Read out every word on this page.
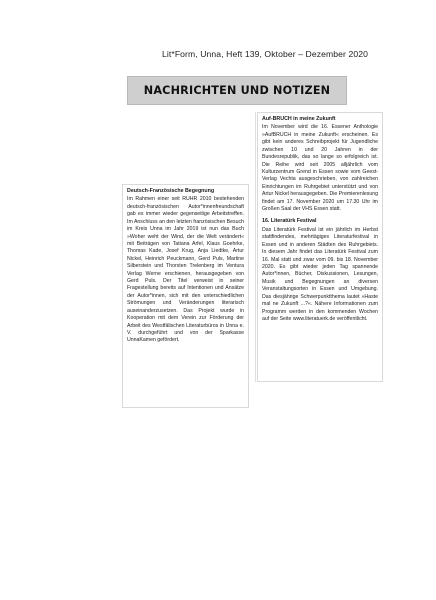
Lit*Form, Unna, Heft 139, Oktober – Dezember 2020
NACHRICHTEN UND NOTIZEN

Deutsch-Französische Begegnung

Im Rahmen einer seit RUHR 2010 bestehenden deutsch-französischen Autor*innenfreundschaft gab es immer wieder gegenseitige Arbeitstreffen. Im Anschluss an den letzten französischen Besuch im Kreis Unna im Jahr 2019 ist nun das Buch »Woher weht der Wind, der die Welt verändert« mit Beiträgen von Tatiana Arfel, Klaus Goehrke, Thomas Kade, Josef Krug, Anja Liedtke, Artur Nickel, Heinrich Peuckmann, Gerd Puls, Martine Silberstein und Thorsten Trelenberg im Ventura Verlag Werne erschienen, herausgegeben von Gerd Puls. Der Titel verweist in seiner Fragestellung bereits auf Intentionen und Ansätze der Autor*innen, sich mit den unterschiedlichen Strömungen und Veränderungen literarisch auseinanderzusetzen. Das Projekt wurde in Kooperation mit dem Verein zur Förderung der Arbeit des Westfälischen Literaturbüros in Unna e. V. durchgeführt und von der Sparkasse UnnaKamen gefördert.

Auf-BRUCH in meine Zukunft

Im November wird die 16. Essener Anthologie »AufBRUCH in meine Zukunft« erscheinen. Es gibt kein anderes Schreibprojekt für Jugendliche zwischen 10 und 20 Jahren in der Bundesrepublik, das so lange so erfolgreich ist. Die Reihe wird seit 2005 alljährlich vom Kulturzentrum Grend in Essen sowie vom Geest-Verlag Vechta ausgeschrieben, von zahlreichen Einrichtungen im Ruhrgebiet unterstützt und von Artur Nickel herausgegeben. Die Premierenlesung findet am 17. November 2020 um 17.30 Uhr im Großen Saal der VHS Essen statt.

16. Literatürk Festival

Das Literatürk Festival ist ein jährlich im Herbst stattfindendes, mehrtägiges Literaturfestival in Essen und in anderen Städten des Ruhrgebiets. In diesem Jahr findet das Literatürk Festival zum 16. Mal statt und zwar vom 09. bis 18. November 2020. Es gibt wieder jeden Tag spannende Autor*innen, Bücher, Diskussionen, Lesungen, Musik und Begegnungen an diversen Veranstaltungsorten in Essen und Umgebung. Das diesjährige Schwerpunktthema lautet »Haste mal ne Zukunft ...?«. Nähere Informationen zum Programm werden in den kommenden Wochen auf der Seite www.literatuerk.de veröffentlicht.
